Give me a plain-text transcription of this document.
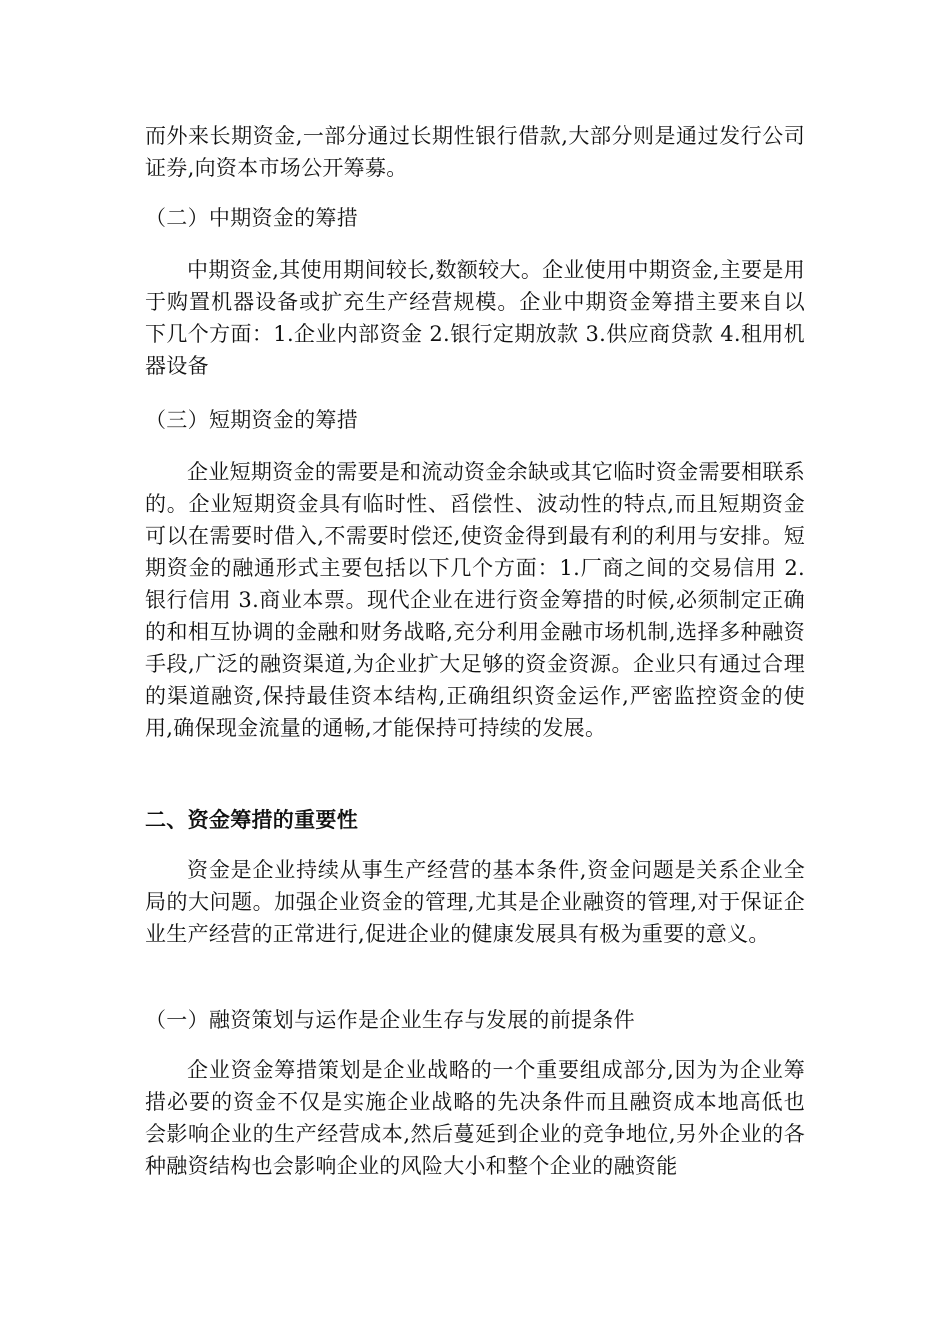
而外来长期资金,一部分通过长期性银行借款,大部分则是通过发行公司证券,向资本市场公开筹募。

（二）中期资金的筹措

中期资金,其使用期间较长,数额较大。企业使用中期资金,主要是用于购置机器设备或扩充生产经营规模。企业中期资金筹措主要来自以下几个方面：1.企业内部资金 2.银行定期放款 3.供应商贷款 4.租用机器设备

（三）短期资金的筹措

企业短期资金的需要是和流动资金余缺或其它临时资金需要相联系的。企业短期资金具有临时性、舀偿性、波动性的特点,而且短期资金可以在需要时借入,不需要时偿还,使资金得到最有利的利用与安排。短期资金的融通形式主要包括以下几个方面：1.厂商之间的交易信用 2.银行信用 3.商业本票。现代企业在进行资金筹措的时候,必须制定正确的和相互协调的金融和财务战略,充分利用金融市场机制,选择多种融资手段,广泛的融资渠道,为企业扩大足够的资金资源。企业只有通过合理的渠道融资,保持最佳资本结构,正确组织资金运作,严密监控资金的使用,确保现金流量的通畅,才能保持可持续的发展。

二、资金筹措的重要性

资金是企业持续从事生产经营的基本条件,资金问题是关系企业全局的大问题。加强企业资金的管理,尤其是企业融资的管理,对于保证企业生产经营的正常进行,促进企业的健康发展具有极为重要的意义。

（一）融资策划与运作是企业生存与发展的前提条件

企业资金筹措策划是企业战略的一个重要组成部分,因为为企业筹措必要的资金不仅是实施企业战略的先决条件而且融资成本地高低也会影响企业的生产经营成本,然后蔓延到企业的竞争地位,另外企业的各种融资结构也会影响企业的风险大小和整个企业的融资能
